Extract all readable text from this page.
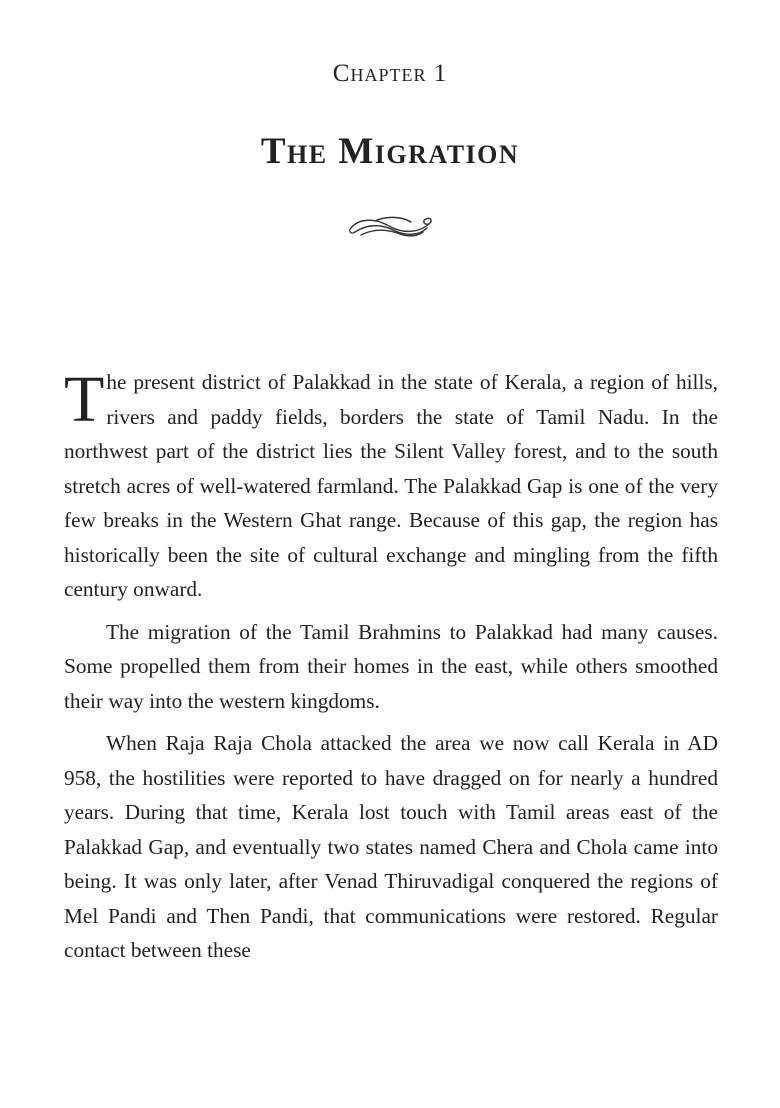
Chapter 1
The Migration

The present district of Palakkad in the state of Kerala, a region of hills, rivers and paddy fields, borders the state of Tamil Nadu. In the northwest part of the district lies the Silent Valley forest, and to the south stretch acres of well-watered farmland. The Palakkad Gap is one of the very few breaks in the Western Ghat range. Because of this gap, the region has historically been the site of cultural exchange and mingling from the fifth century onward.

The migration of the Tamil Brahmins to Palakkad had many causes. Some propelled them from their homes in the east, while others smoothed their way into the western kingdoms.

When Raja Raja Chola attacked the area we now call Kerala in AD 958, the hostilities were reported to have dragged on for nearly a hundred years. During that time, Kerala lost touch with Tamil areas east of the Palakkad Gap, and eventually two states named Chera and Chola came into being. It was only later, after Venad Thiruvadigal conquered the regions of Mel Pandi and Then Pandi, that communications were restored. Regular contact between these
